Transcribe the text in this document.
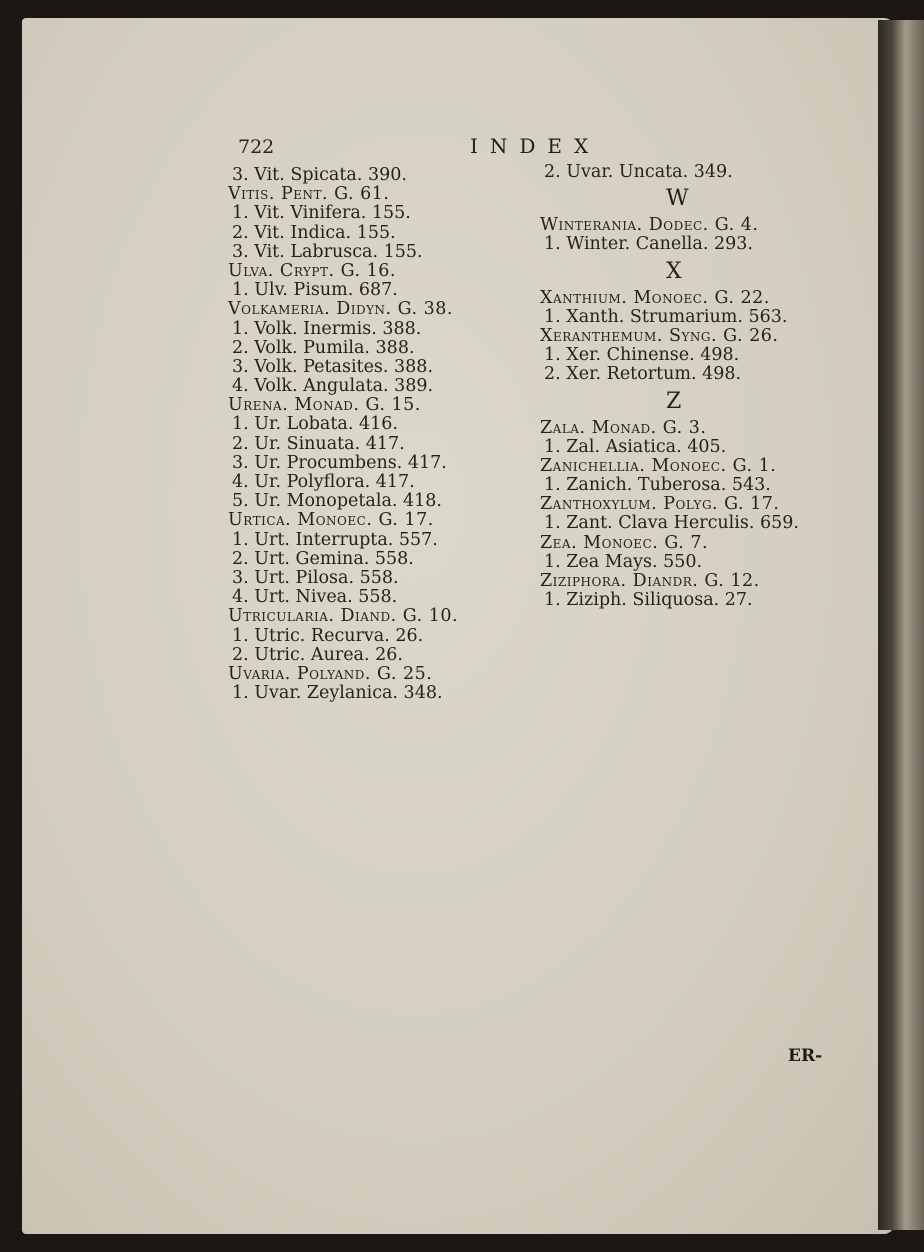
722	INDEX
3. Vit. Spicata. 390.
Vitis. Pent. G. 61.
1. Vit. Vinifera. 155.
2. Vit. Indica. 155.
3. Vit. Labrusca. 155.
Ulva. Crypt. G. 16.
1. Ulv. Pisum. 687.
Volkameria. Didyn. G. 38.
1. Volk. Inermis. 388.
2. Volk. Pumila. 388.
3. Volk. Petasites. 388.
4. Volk. Angulata. 389.
Urena. Monad. G. 15.
1. Ur. Lobata. 416.
2. Ur. Sinuata. 417.
3. Ur. Procumbens. 417.
4. Ur. Polyflora. 417.
5. Ur. Monopetala. 418.
Urtica. Monoec. G. 17.
1. Urt. Interrupta. 557.
2. Urt. Gemina. 558.
3. Urt. Pilosa. 558.
4. Urt. Nivea. 558.
Utricularia. Diand. G. 10.
1. Utric. Recurva. 26.
2. Utric. Aurea. 26.
Uvaria. Polyand. G. 25.
1. Uvar. Zeylanica. 348.
2. Uvar. Uncata. 349.
W
Winterania. Dodec. G. 4.
1. Winter. Canella. 293.
X
Xanthium. Monoec. G. 22.
1. Xanth. Strumarium. 563.
Xeranthemum. Syng. G. 26.
1. Xer. Chinense. 498.
2. Xer. Retortum. 498.
Z
Zala. Monad. G. 3.
1. Zal. Asiatica. 405.
Zanichellia. Monoec. G. 1.
1. Zanich. Tuberosa. 543.
Zanthoxylum. Polyg. G. 17.
1. Zant. Clava Herculis. 659.
Zea. Monoec. G. 7.
1. Zea Mays. 550.
Ziziphora. Diandr. G. 12.
1. Ziziph. Siliquosa. 27.
ER-
